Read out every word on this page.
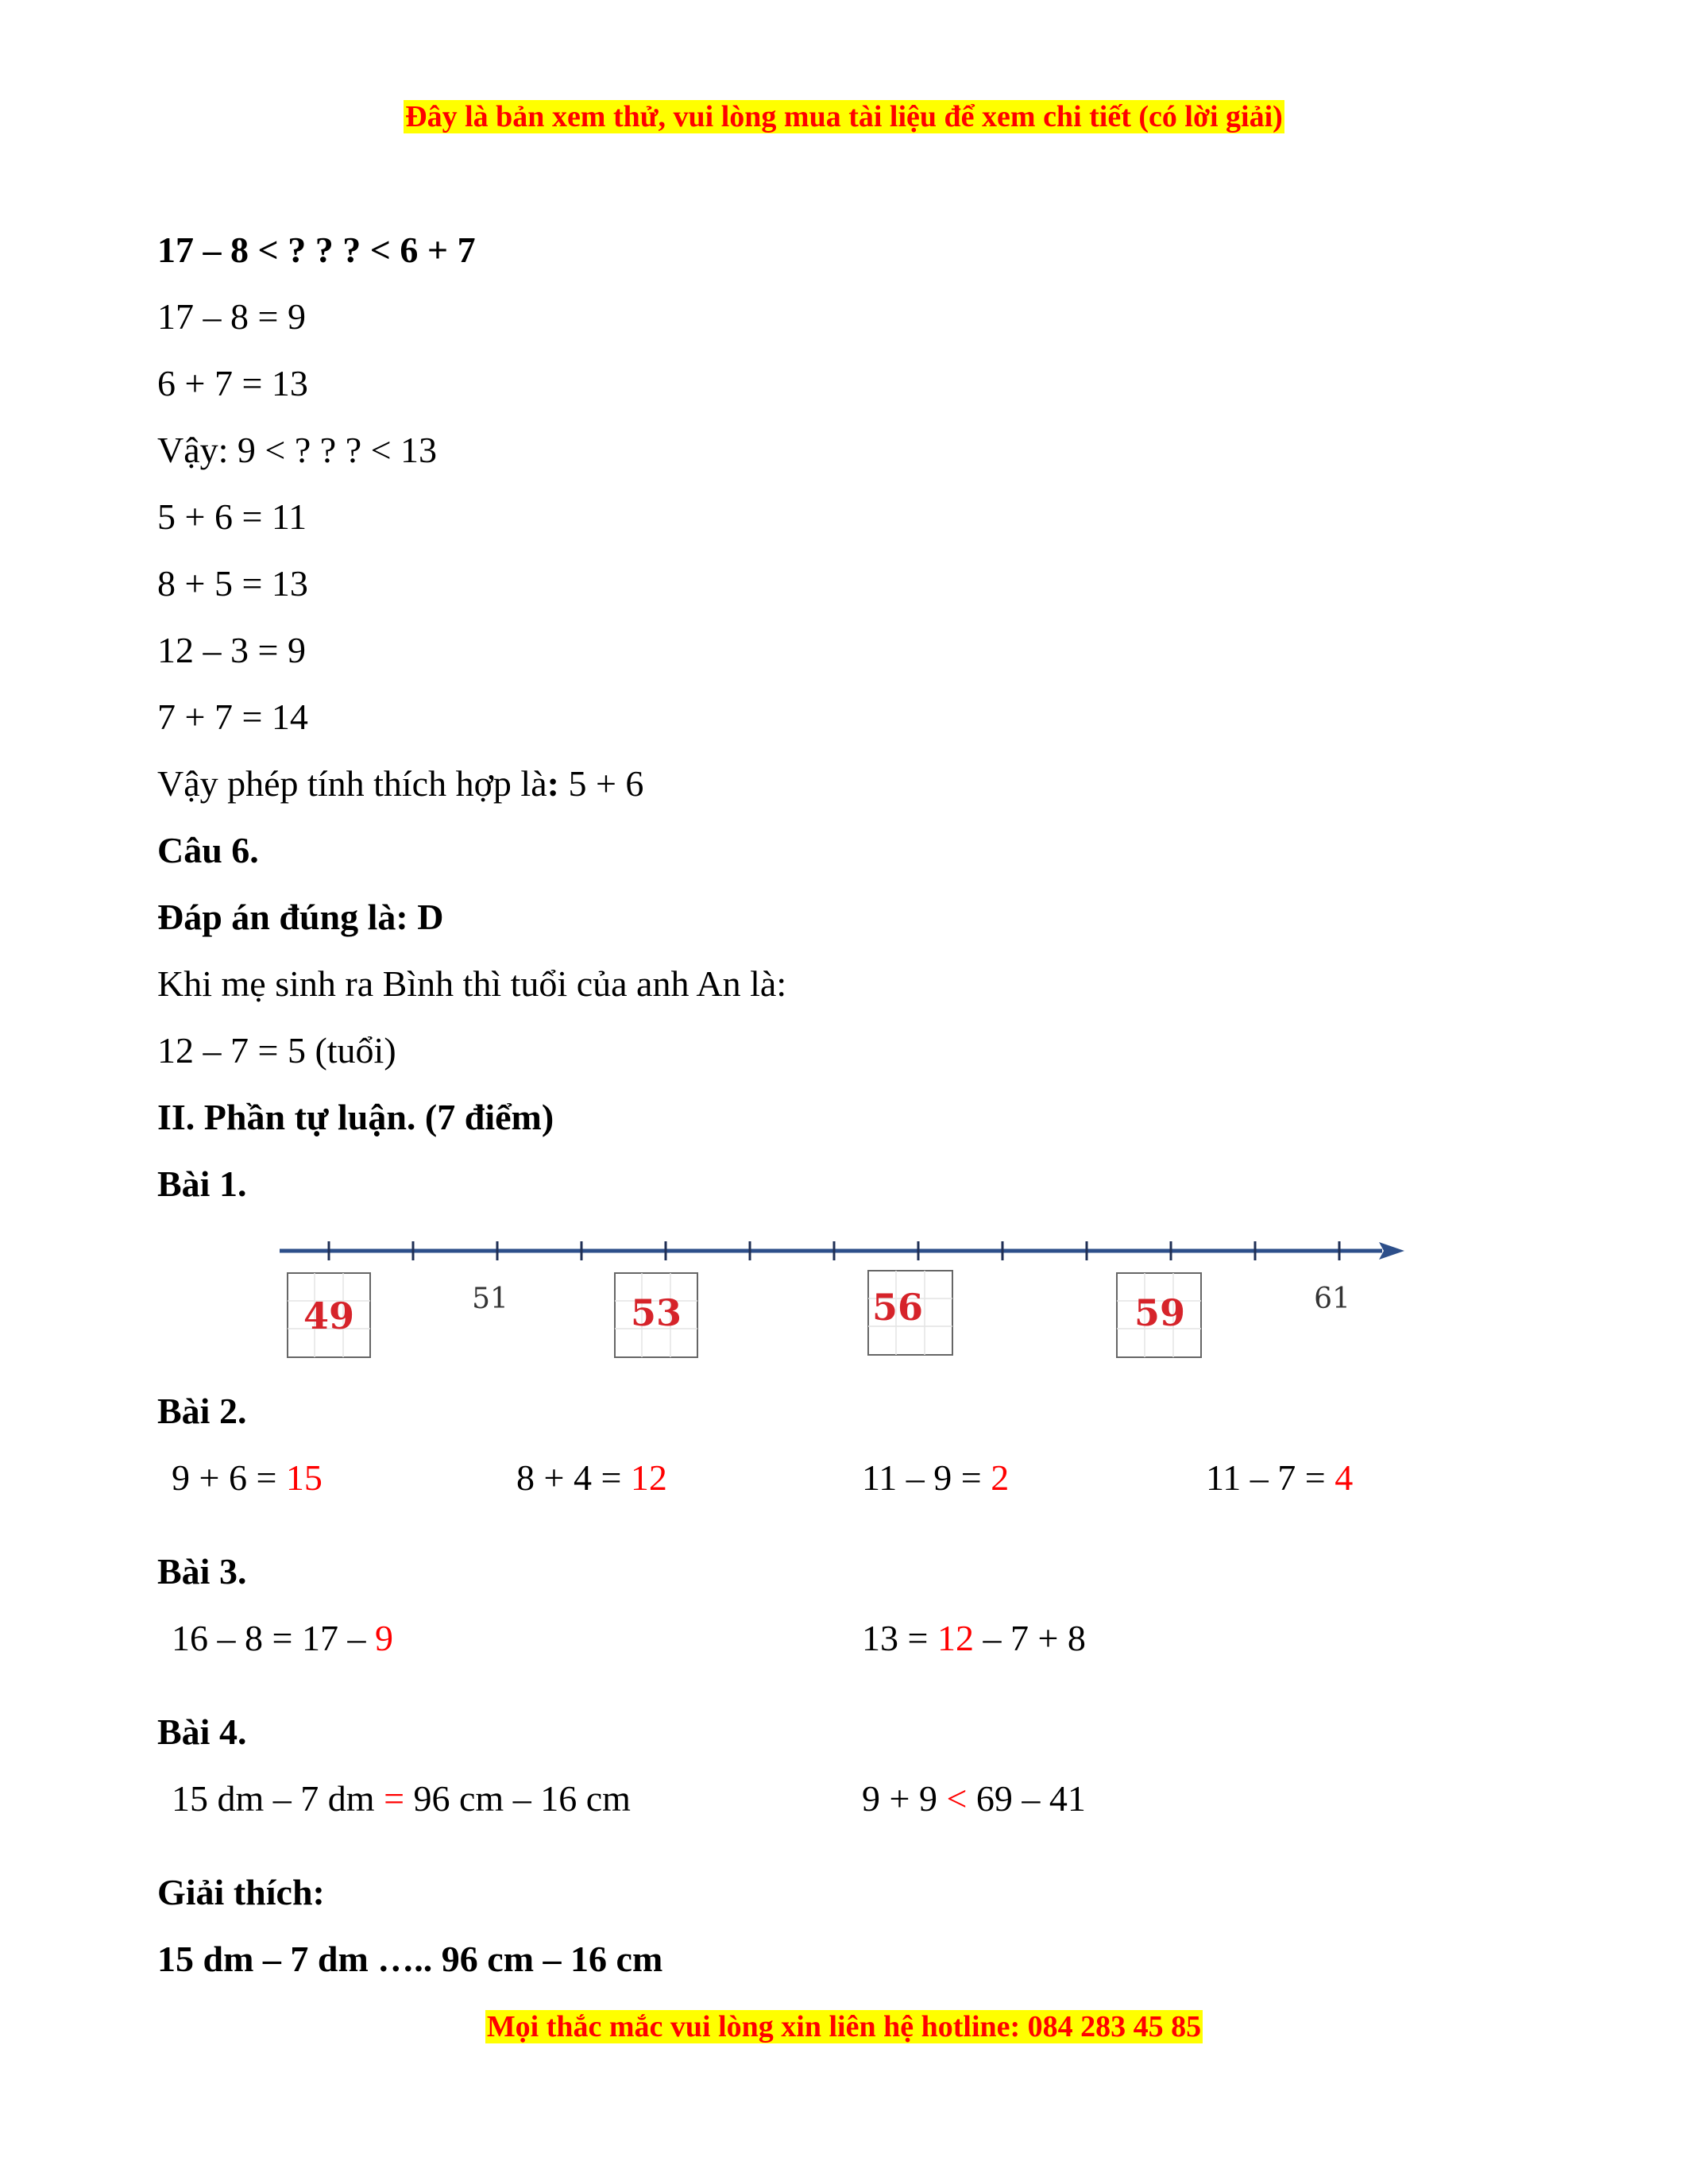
Đây là bản xem thử, vui lòng mua tài liệu để xem chi tiết (có lời giải)
17 – 8 < ? ? ? < 6 + 7
17 – 8 = 9
6 + 7 = 13
Vậy: 9 < ? ? ? < 13
5 + 6 = 11
8 + 5 = 13
12 – 3 = 9
7 + 7 = 14
Vậy phép tính thích hợp là: 5 + 6
Câu 6.
Đáp án đúng là: D
Khi mẹ sinh ra Bình thì tuổi của anh An là:
12 – 7 = 5 (tuổi)
II. Phần tự luận. (7 điểm)
Bài 1.
51	61
49	53	56	59
Bài 2.
9 + 6 = 15	8 + 4 = 12	11 – 9 = 2	11 – 7 = 4
Bài 3.
16 – 8 = 17 – 9	13 = 12 – 7 + 8
Bài 4.
15 dm – 7 dm = 96 cm – 16 cm	9 + 9 < 69 – 41
Giải thích:
15 dm – 7 dm ….. 96 cm – 16 cm
Mọi thắc mắc vui lòng xin liên hệ hotline: 084 283 45 85
